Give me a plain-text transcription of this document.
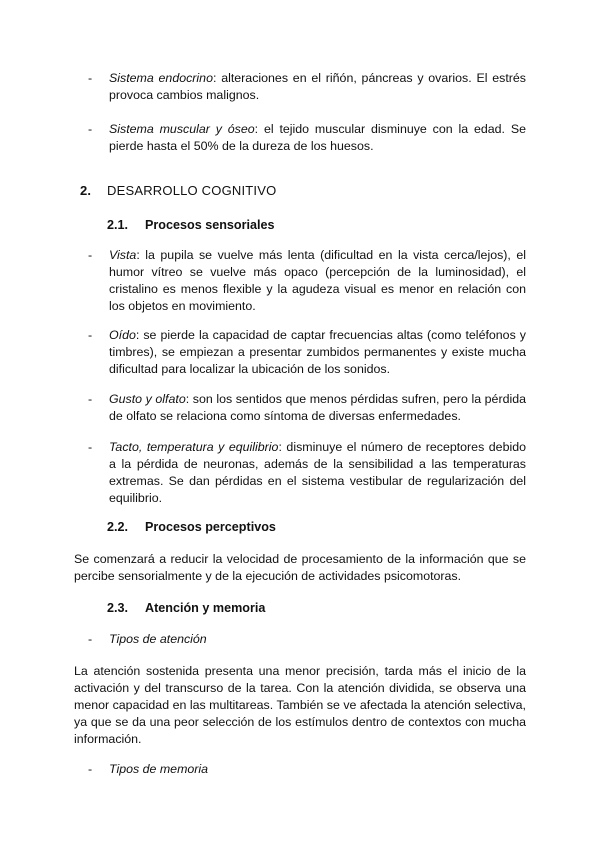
-	Sistema endocrino: alteraciones en el riñón, páncreas y ovarios. El estrés provoca cambios malignos.

-	Sistema muscular y óseo: el tejido muscular disminuye con la edad. Se pierde hasta el 50% de la dureza de los huesos.

2. DESARROLLO COGNITIVO
2.1. Procesos sensoriales

-	Vista: la pupila se vuelve más lenta (dificultad en la vista cerca/lejos), el humor vítreo se vuelve más opaco (percepción de la luminosidad), el cristalino es menos flexible y la agudeza visual es menor en relación con los objetos en movimiento.

-	Oído: se pierde la capacidad de captar frecuencias altas (como teléfonos y timbres), se empiezan a presentar zumbidos permanentes y existe mucha dificultad para localizar la ubicación de los sonidos.

-	Gusto y olfato: son los sentidos que menos pérdidas sufren, pero la pérdida de olfato se relaciona como síntoma de diversas enfermedades.

-	Tacto, temperatura y equilibrio: disminuye el número de receptores debido a la pérdida de neuronas, además de la sensibilidad a las temperaturas extremas. Se dan pérdidas en el sistema vestibular de regularización del equilibrio.

2.2. Procesos perceptivos

Se comenzará a reducir la velocidad de procesamiento de la información que se percibe sensorialmente y de la ejecución de actividades psicomotoras.

2.3. Atención y memoria

-	Tipos de atención

La atención sostenida presenta una menor precisión, tarda más el inicio de la activación y del transcurso de la tarea. Con la atención dividida, se observa una menor capacidad en las multitareas. También se ve afectada la atención selectiva, ya que se da una peor selección de los estímulos dentro de contextos con mucha información.

-	Tipos de memoria
